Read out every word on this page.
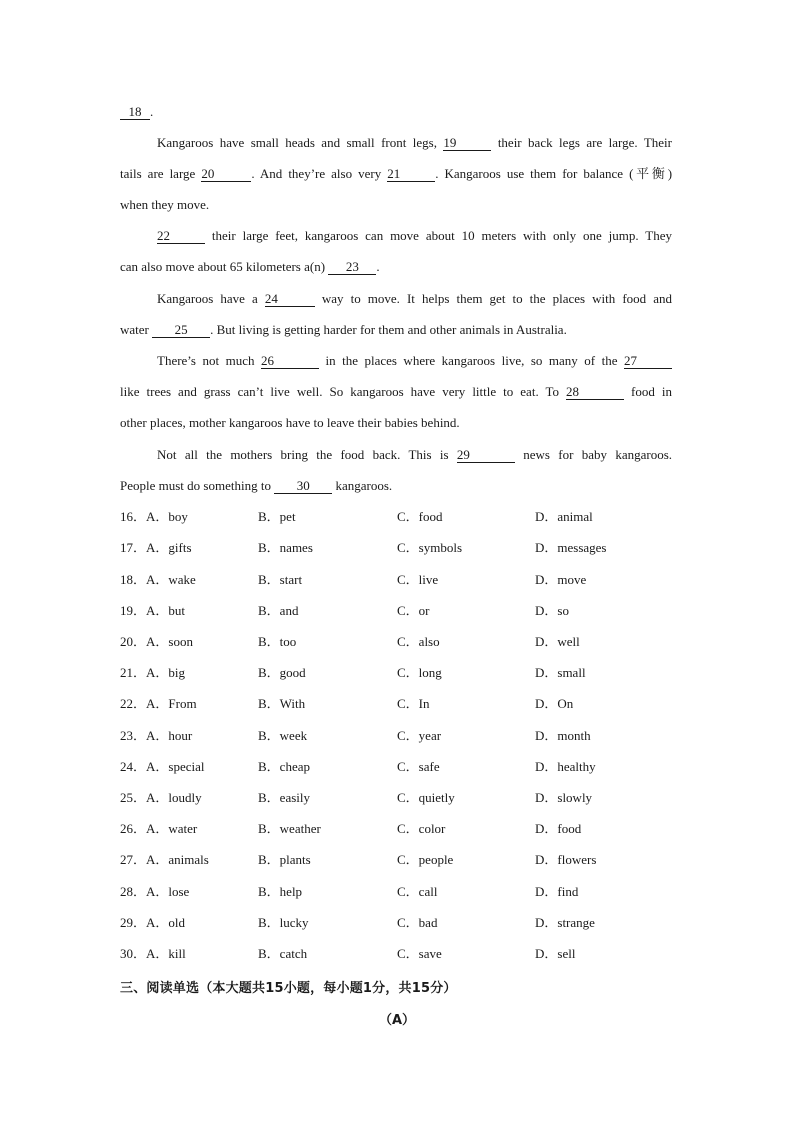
18 .
Kangaroos have small heads and small front legs, 19	their back legs are large. Their
tails are large 20	. And they’re also very 21	. Kangaroos use them for balance (平衡)
when they move.
22	their large feet, kangaroos can move about 10 meters with only one jump. They
can also move about 65 kilometers a(n) 23 .
Kangaroos have a 24	way to move. It helps them get to the places with food and
water 25 . But living is getting harder for them and other animals in Australia.
There’s not much 26	in the places where kangaroos live, so many of the 27
like trees and grass can’t live well. So kangaroos have very little to eat. To 28	food in
other places, mother kangaroos have to leave their babies behind.
Not all the mothers bring the food back. This is 29	news for baby kangaroos.
People must do something to 30 kangaroos.
16．A．boy	B．pet	C．food	D．animal
17．A．gifts	B．names	C．symbols	D．messages
18．A．wake	B．start	C．live	D．move
19．A．but	B．and	C．or	D．so
20．A．soon	B．too	C．also	D．well
21．A．big	B．good	C．long	D．small
22．A．From	B．With	C．In	D．On
23．A．hour	B．week	C．year	D．month
24．A．special	B．cheap	C．safe	D．healthy
25．A．loudly	B．easily	C．quietly	D．slowly
26．A．water	B．weather	C．color	D．food
27．A．animals	B．plants	C．people	D．flowers
28．A．lose	B．help	C．call	D．find
29．A．old	B．lucky	C．bad	D．strange
30．A．kill	B．catch	C．save	D．sell
三、阅读单选（本大题共15小题，每小题1分，共15分）
（A）
